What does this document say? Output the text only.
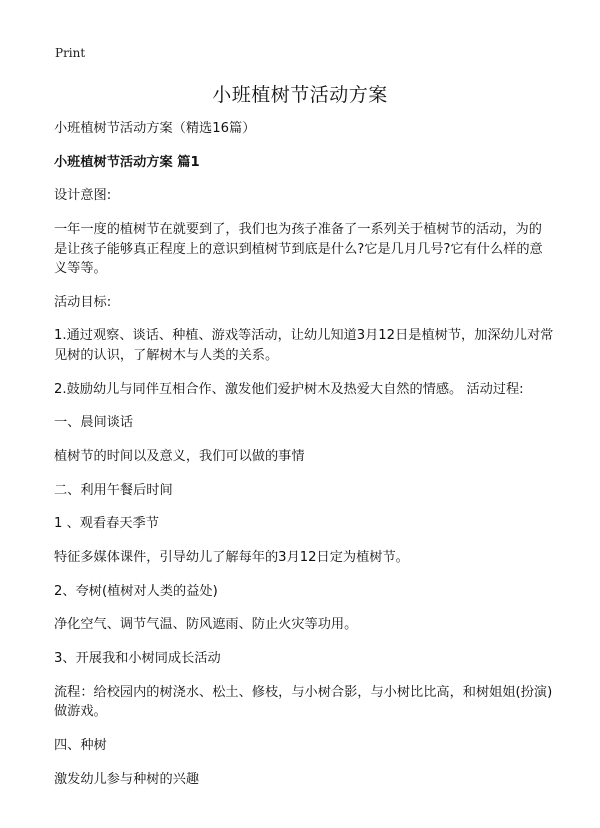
Print
小班植树节活动方案

小班植树节活动方案（精选16篇）

小班植树节活动方案 篇1

设计意图:

一年一度的植树节在就要到了，我们也为孩子准备了一系列关于植树节的活动，为的是让孩子能够真正程度上的意识到植树节到底是什么?它是几月几号?它有什么样的意义等等。

活动目标:

1.通过观察、谈话、种植、游戏等活动，让幼儿知道3月12日是植树节，加深幼儿对常见树的认识，了解树木与人类的关系。

2.鼓励幼儿与同伴互相合作、激发他们爱护树木及热爱大自然的情感。 活动过程:

一、晨间谈话

植树节的时间以及意义，我们可以做的事情

二、利用午餐后时间

1 、观看春天季节

特征多媒体课件，引导幼儿了解每年的3月12日定为植树节。

2、夸树(植树对人类的益处)

净化空气、调节气温、防风遮雨、防止火灾等功用。

3、开展我和小树同成长活动

流程：给校园内的树浇水、松土、修枝，与小树合影，与小树比比高，和树姐姐(扮演)做游戏。

四、种树

激发幼儿参与种树的兴趣
